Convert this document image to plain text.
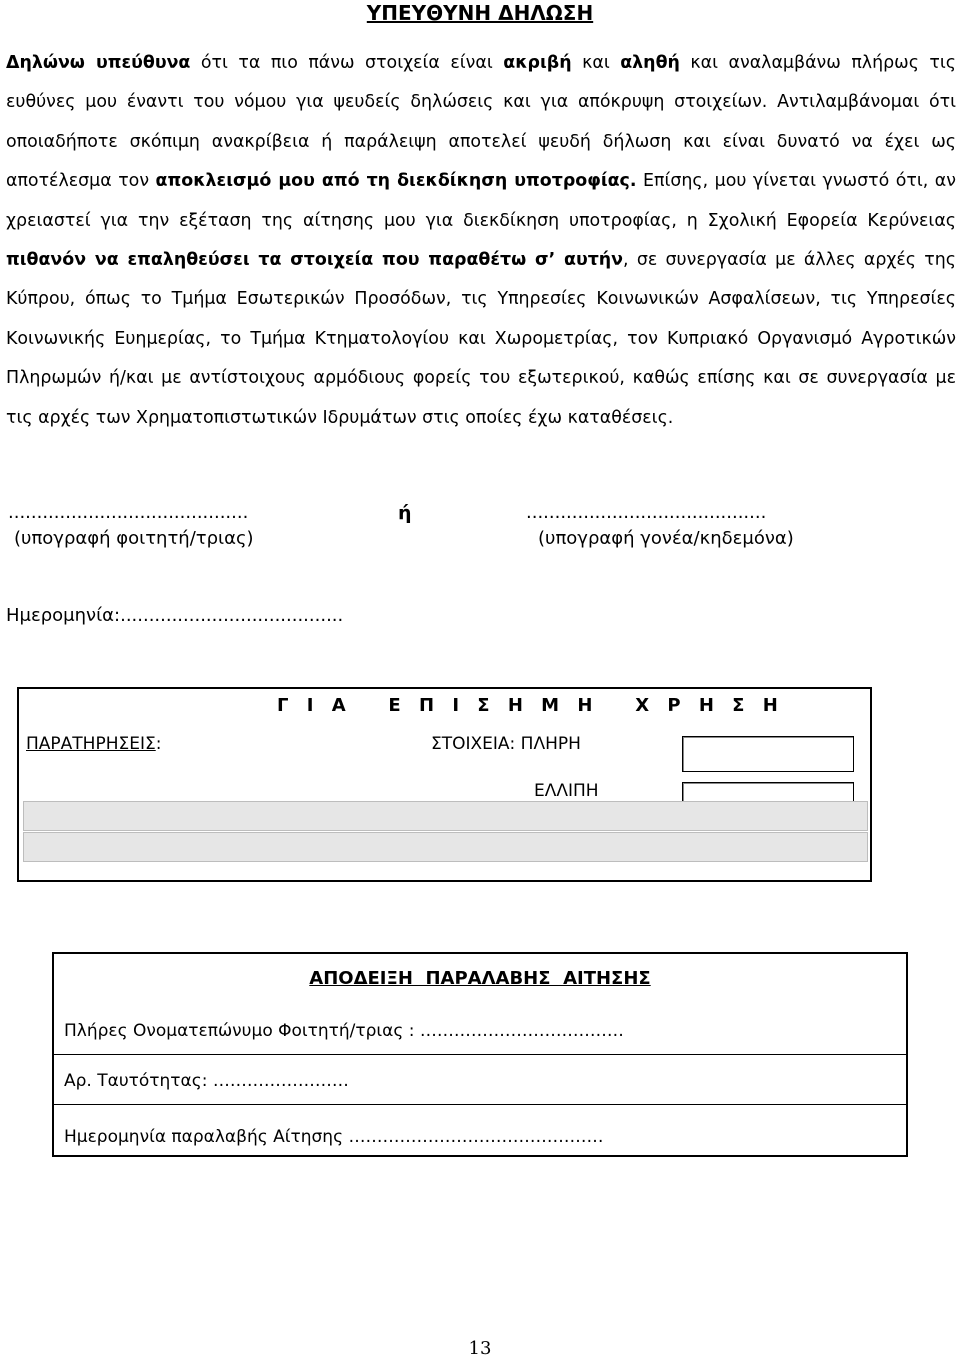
ΥΠΕΥΘΥΝΗ ΔΗΛΩΣΗ

Δηλώνω υπεύθυνα ότι τα πιο πάνω στοιχεία είναι ακριβή και αληθή και αναλαμβάνω πλήρως τις ευθύνες μου έναντι του νόμου για ψευδείς δηλώσεις και για απόκρυψη στοιχείων. Αντιλαμβάνομαι ότι οποιαδήποτε σκόπιμη ανακρίβεια ή παράλειψη αποτελεί ψευδή δήλωση και είναι δυνατό να έχει ως αποτέλεσμα τον αποκλεισμό μου από τη διεκδίκηση υποτροφίας. Επίσης, μου γίνεται γνωστό ότι, αν χρειαστεί για την εξέταση της αίτησης μου για διεκδίκηση υποτροφίας, η Σχολική Εφορεία Κερύνειας πιθανόν να επαληθεύσει τα στοιχεία που παραθέτω σ’ αυτήν, σε συνεργασία με άλλες αρχές της Κύπρου, όπως το Τμήμα Εσωτερικών Προσόδων, τις Υπηρεσίες Κοινωνικών Ασφαλίσεων, τις Υπηρεσίες Κοινωνικής Ευημερίας, το Τμήμα Κτηματολογίου και Χωρομετρίας, τον Κυπριακό Οργανισμό Αγροτικών Πληρωμών ή/και με αντίστοιχους αρμόδιους φορείς του εξωτερικού, καθώς επίσης και σε συνεργασία με τις αρχές των Χρηματοπιστωτικών Ιδρυμάτων στις οποίες έχω καταθέσεις.

..........................................	ή	..........................................
(υπογραφή φοιτητή/τριας)	(υπογραφή γονέα/κηδεμόνα)
Ημερομηνία:.......................................
Γ Ι Α   Ε Π Ι Σ Η Μ Η   Χ Ρ Η Σ Η
ΠΑΡΑΤΗΡΗΣΕΙΣ:	ΣΤΟΙΧΕΙΑ: ΠΛΗΡΗ
ΕΛΛΙΠΗ
ΑΠΟΔΕΙΞΗ  ΠΑΡΑΛΑΒΗΣ  ΑΙΤΗΣΗΣ
Πλήρες Ονοματεπώνυμο Φοιτητή/τριας : ………………………………
Αρ. Ταυτότητας: ……………………
Ημερομηνία παραλαβής Αίτησης ………………………………………
13
